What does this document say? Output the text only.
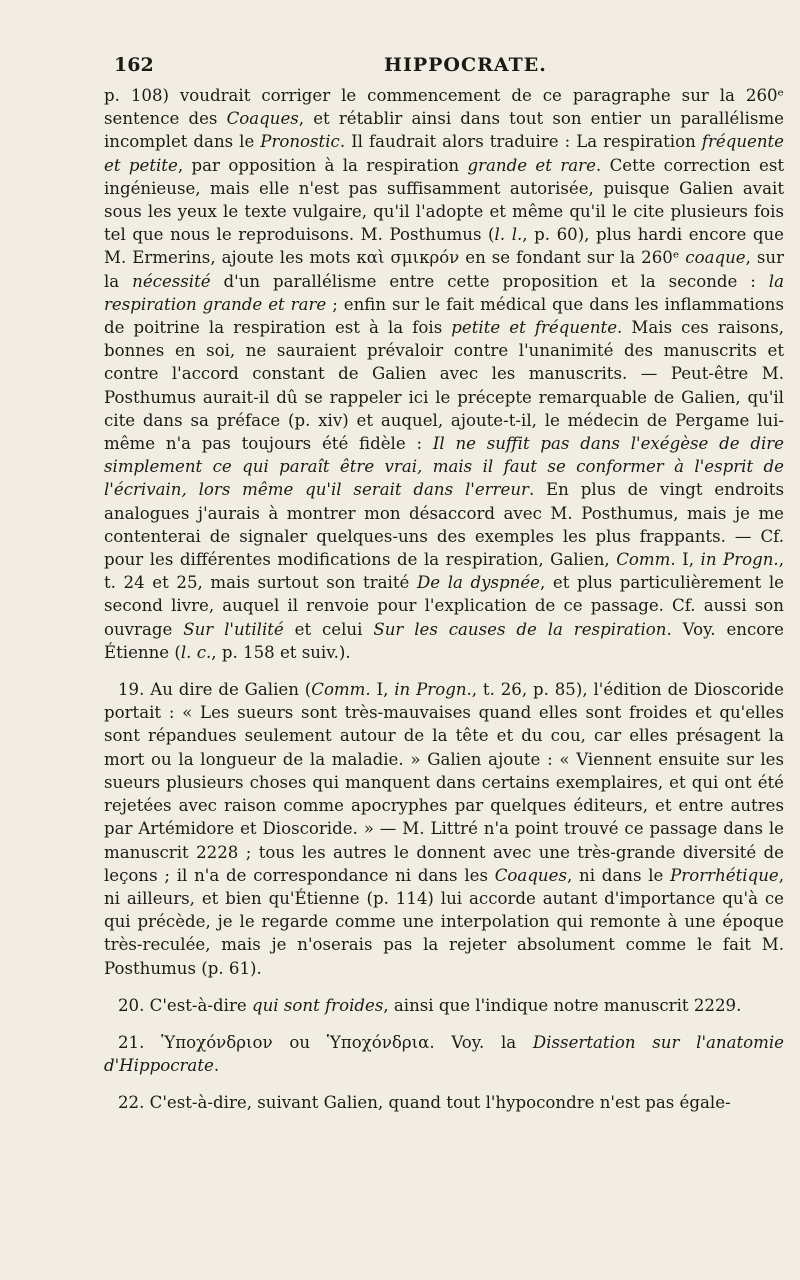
162	HIPPOCRATE.

p. 108) voudrait corriger le commencement de ce paragraphe sur la 260ᵉ sentence des Coaques, et rétablir ainsi dans tout son entier un parallélisme incomplet dans le Pronostic. Il faudrait alors traduire : La respiration fréquente et petite, par opposition à la respiration grande et rare. Cette correction est ingénieuse, mais elle n'est pas suffisamment autorisée, puisque Galien avait sous les yeux le texte vulgaire, qu'il l'adopte et même qu'il le cite plusieurs fois tel que nous le reproduisons. M. Posthumus (l. l., p. 60), plus hardi encore que M. Ermerins, ajoute les mots καὶ σμικρόν en se fondant sur la 260ᵉ coaque, sur la nécessité d'un parallélisme entre cette proposition et la seconde : la respiration grande et rare ; enfin sur le fait médical que dans les inflammations de poitrine la respiration est à la fois petite et fréquente. Mais ces raisons, bonnes en soi, ne sauraient prévaloir contre l'unanimité des manuscrits et contre l'accord constant de Galien avec les manuscrits. — Peut-être M. Posthumus aurait-il dû se rappeler ici le précepte remarquable de Galien, qu'il cite dans sa préface (p. xiv) et auquel, ajoute-t-il, le médecin de Pergame lui-même n'a pas toujours été fidèle : Il ne suffit pas dans l'exégèse de dire simplement ce qui paraît être vrai, mais il faut se conformer à l'esprit de l'écrivain, lors même qu'il serait dans l'erreur. En plus de vingt endroits analogues j'aurais à montrer mon désaccord avec M. Posthumus, mais je me contenterai de signaler quelques-uns des exemples les plus frappants. — Cf. pour les différentes modifications de la respiration, Galien, Comm. I, in Progn., t. 24 et 25, mais surtout son traité De la dyspnée, et plus particulièrement le second livre, auquel il renvoie pour l'explication de ce passage. Cf. aussi son ouvrage Sur l'utilité et celui Sur les causes de la respiration. Voy. encore Étienne (l. c., p. 158 et suiv.).

19. Au dire de Galien (Comm. I, in Progn., t. 26, p. 85), l'édition de Dioscoride portait : « Les sueurs sont très-mauvaises quand elles sont froides et qu'elles sont répandues seulement autour de la tête et du cou, car elles présagent la mort ou la longueur de la maladie. » Galien ajoute : « Viennent ensuite sur les sueurs plusieurs choses qui manquent dans certains exemplaires, et qui ont été rejetées avec raison comme apocryphes par quelques éditeurs, et entre autres par Artémidore et Dioscoride. » — M. Littré n'a point trouvé ce passage dans le manuscrit 2228 ; tous les autres le donnent avec une très-grande diversité de leçons ; il n'a de correspondance ni dans les Coaques, ni dans le Prorrhétique, ni ailleurs, et bien qu'Étienne (p. 114) lui accorde autant d'importance qu'à ce qui précède, je le regarde comme une interpolation qui remonte à une époque très-reculée, mais je n'oserais pas la rejeter absolument comme le fait M. Posthumus (p. 61).

20. C'est-à-dire qui sont froides, ainsi que l'indique notre manuscrit 2229.

21. Ὑποχόνδριον ou Ὑποχόνδρια. Voy. la Dissertation sur l'anatomie d'Hippocrate.

22. C'est-à-dire, suivant Galien, quand tout l'hypocondre n'est pas égale-
